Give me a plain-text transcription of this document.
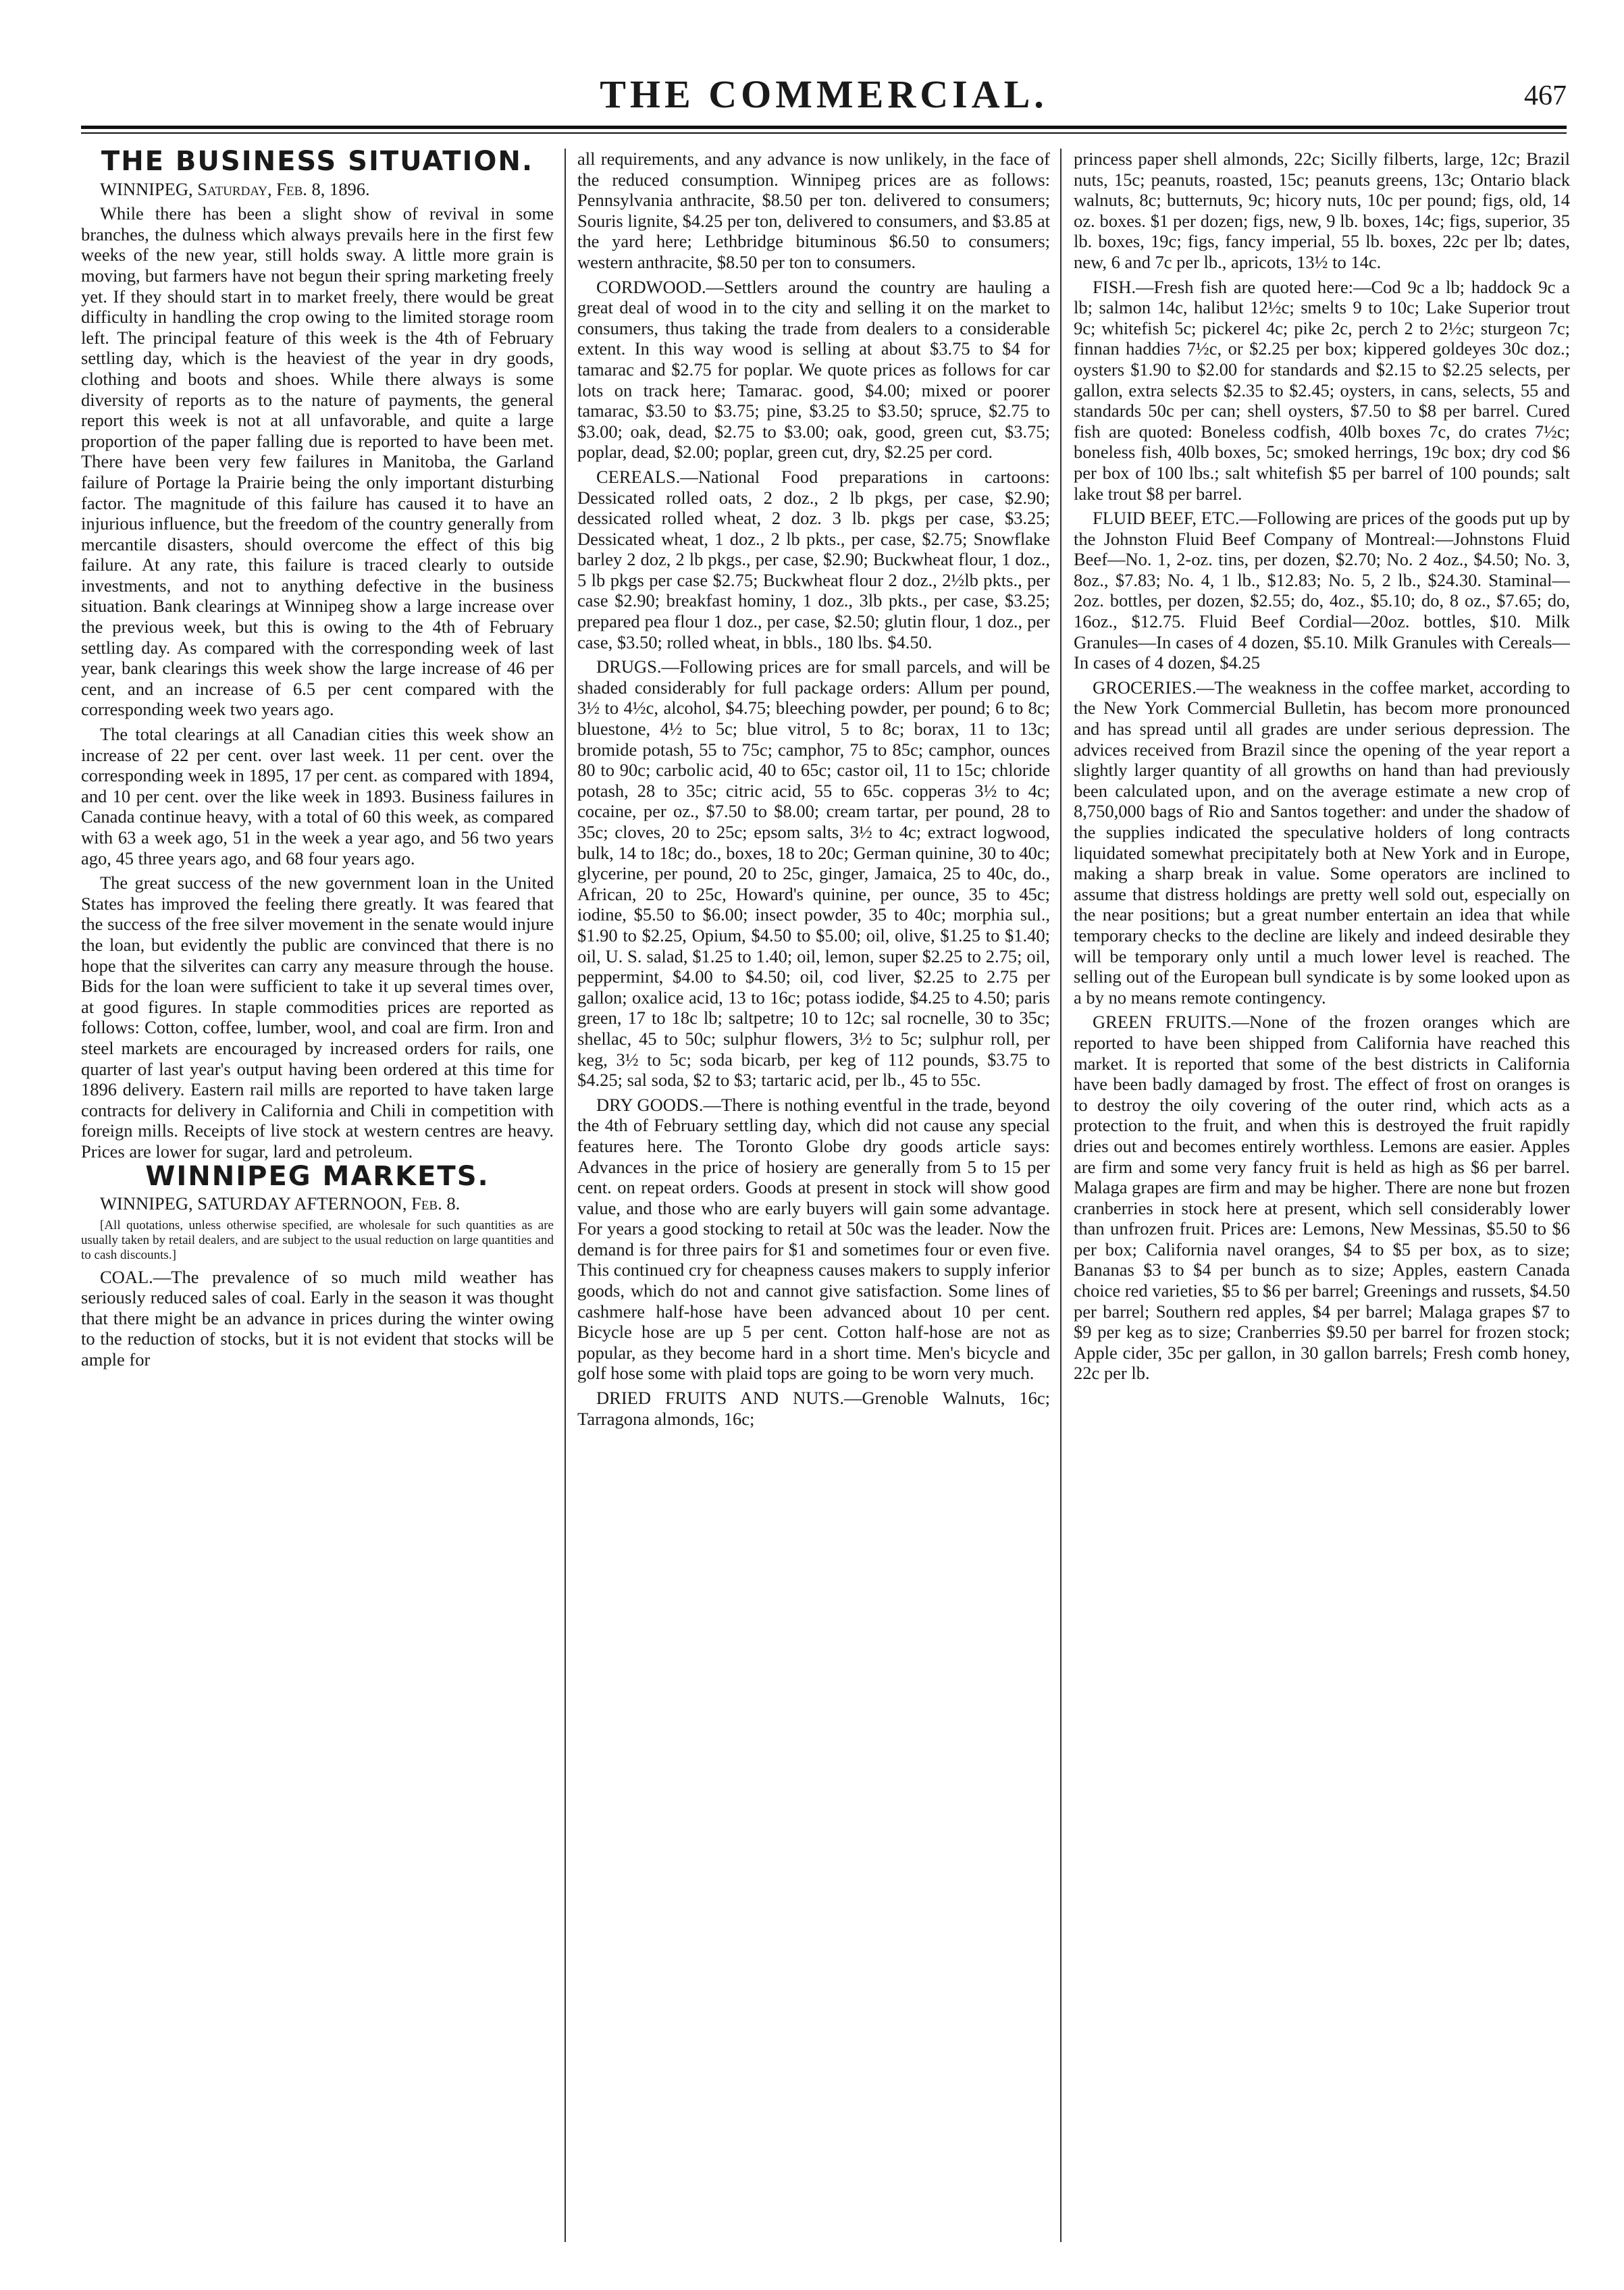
THE COMMERCIAL.	467
THE BUSINESS SITUATION.

WINNIPEG, Saturday, Feb. 8, 1896.

While there has been a slight show of revival in some branches, the dulness which always prevails here in the first few weeks of the new year, still holds sway. A little more grain is moving, but farmers have not begun their spring marketing freely yet. If they should start in to market freely, there would be great difficulty in handling the crop owing to the limited storage room left. The principal feature of this week is the 4th of February settling day, which is the heaviest of the year in dry goods, clothing and boots and shoes. While there always is some diversity of reports as to the nature of payments, the general report this week is not at all unfavorable, and quite a large proportion of the paper falling due is reported to have been met. There have been very few failures in Manitoba, the Garland failure of Portage la Prairie being the only important disturbing factor. The magnitude of this failure has caused it to have an injurious influence, but the freedom of the country generally from mercantile disasters, should overcome the effect of this big failure. At any rate, this failure is traced clearly to outside investments, and not to anything defective in the business situation. Bank clearings at Winnipeg show a large increase over the previous week, but this is owing to the 4th of February settling day. As compared with the corresponding week of last year, bank clearings this week show the large increase of 46 per cent, and an increase of 6.5 per cent compared with the corresponding week two years ago.

The total clearings at all Canadian cities this week show an increase of 22 per cent. over last week. 11 per cent. over the corresponding week in 1895, 17 per cent. as compared with 1894, and 10 per cent. over the like week in 1893. Business failures in Canada continue heavy, with a total of 60 this week, as compared with 63 a week ago, 51 in the week a year ago, and 56 two years ago, 45 three years ago, and 68 four years ago.

The great success of the new government loan in the United States has improved the feeling there greatly. It was feared that the success of the free silver movement in the senate would injure the loan, but evidently the public are convinced that there is no hope that the silverites can carry any measure through the house. Bids for the loan were sufficient to take it up several times over, at good figures. In staple commodities prices are reported as follows: Cotton, coffee, lumber, wool, and coal are firm. Iron and steel markets are encouraged by increased orders for rails, one quarter of last year's output having been ordered at this time for 1896 delivery. Eastern rail mills are reported to have taken large contracts for delivery in California and Chili in competition with foreign mills. Receipts of live stock at western centres are heavy. Prices are lower for sugar, lard and petroleum.

WINNIPEG MARKETS.

WINNIPEG, SATURDAY AFTERNOON, Feb. 8.

[All quotations, unless otherwise specified, are wholesale for such quantities as are usually taken by retail dealers, and are subject to the usual reduction on large quantities and to cash discounts.]

COAL.—The prevalence of so much mild weather has seriously reduced sales of coal. Early in the season it was thought that there might be an advance in prices during the winter owing to the reduction of stocks, but it is not evident that stocks will be ample for

all requirements, and any advance is now unlikely, in the face of the reduced consumption. Winnipeg prices are as follows: Pennsylvania anthracite, $8.50 per ton. delivered to consumers; Souris lignite, $4.25 per ton, delivered to consumers, and $3.85 at the yard here; Lethbridge bituminous $6.50 to consumers; western anthracite, $8.50 per ton to consumers.

CORDWOOD.—Settlers around the country are hauling a great deal of wood in to the city and selling it on the market to consumers, thus taking the trade from dealers to a considerable extent. In this way wood is selling at about $3.75 to $4 for tamarac and $2.75 for poplar. We quote prices as follows for car lots on track here; Tamarac. good, $4.00; mixed or poorer tamarac, $3.50 to $3.75; pine, $3.25 to $3.50; spruce, $2.75 to $3.00; oak, dead, $2.75 to $3.00; oak, good, green cut, $3.75; poplar, dead, $2.00; poplar, green cut, dry, $2.25 per cord.

CEREALS.—National Food preparations in cartoons: Dessicated rolled oats, 2 doz., 2 lb pkgs, per case, $2.90; dessicated rolled wheat, 2 doz. 3 lb. pkgs per case, $3.25; Dessicated wheat, 1 doz., 2 lb pkts., per case, $2.75; Snowflake barley 2 doz, 2 lb pkgs., per case, $2.90; Buckwheat flour, 1 doz., 5 lb pkgs per case $2.75; Buckwheat flour 2 doz., 2½lb pkts., per case $2.90; breakfast hominy, 1 doz., 3lb pkts., per case, $3.25; prepared pea flour 1 doz., per case, $2.50; glutin flour, 1 doz., per case, $3.50; rolled wheat, in bbls., 180 lbs. $4.50.

DRUGS.—Following prices are for small parcels, and will be shaded considerably for full package orders: Allum per pound, 3½ to 4½c, alcohol, $4.75; bleeching powder, per pound; 6 to 8c; bluestone, 4½ to 5c; blue vitrol, 5 to 8c; borax, 11 to 13c; bromide potash, 55 to 75c; camphor, 75 to 85c; camphor, ounces 80 to 90c; carbolic acid, 40 to 65c; castor oil, 11 to 15c; chloride potash, 28 to 35c; citric acid, 55 to 65c. copperas 3½ to 4c; cocaine, per oz., $7.50 to $8.00; cream tartar, per pound, 28 to 35c; cloves, 20 to 25c; epsom salts, 3½ to 4c; extract logwood, bulk, 14 to 18c; do., boxes, 18 to 20c; German quinine, 30 to 40c; glycerine, per pound, 20 to 25c, ginger, Jamaica, 25 to 40c, do., African, 20 to 25c, Howard's quinine, per ounce, 35 to 45c; iodine, $5.50 to $6.00; insect powder, 35 to 40c; morphia sul., $1.90 to $2.25, Opium, $4.50 to $5.00; oil, olive, $1.25 to $1.40; oil, U. S. salad, $1.25 to 1.40; oil, lemon, super $2.25 to 2.75; oil, peppermint, $4.00 to $4.50; oil, cod liver, $2.25 to 2.75 per gallon; oxalice acid, 13 to 16c; potass iodide, $4.25 to 4.50; paris green, 17 to 18c lb; saltpetre; 10 to 12c; sal rocnelle, 30 to 35c; shellac, 45 to 50c; sulphur flowers, 3½ to 5c; sulphur roll, per keg, 3½ to 5c; soda bicarb, per keg of 112 pounds, $3.75 to $4.25; sal soda, $2 to $3; tartaric acid, per lb., 45 to 55c.

DRY GOODS.—There is nothing eventful in the trade, beyond the 4th of February settling day, which did not cause any special features here. The Toronto Globe dry goods article says: Advances in the price of hosiery are generally from 5 to 15 per cent. on repeat orders. Goods at present in stock will show good value, and those who are early buyers will gain some advantage. For years a good stocking to retail at 50c was the leader. Now the demand is for three pairs for $1 and sometimes four or even five. This continued cry for cheapness causes makers to supply inferior goods, which do not and cannot give satisfaction. Some lines of cashmere half-hose have been advanced about 10 per cent. Bicycle hose are up 5 per cent. Cotton half-hose are not as popular, as they become hard in a short time. Men's bicycle and golf hose some with plaid tops are going to be worn very much.

DRIED FRUITS AND NUTS.—Grenoble Walnuts, 16c; Tarragona almonds, 16c;

princess paper shell almonds, 22c; Sicilly filberts, large, 12c; Brazil nuts, 15c; peanuts, roasted, 15c; peanuts greens, 13c; Ontario black walnuts, 8c; butternuts, 9c; hicory nuts, 10c per pound; figs, old, 14 oz. boxes. $1 per dozen; figs, new, 9 lb. boxes, 14c; figs, superior, 35 lb. boxes, 19c; figs, fancy imperial, 55 lb. boxes, 22c per lb; dates, new, 6 and 7c per lb., apricots, 13½ to 14c.

FISH.—Fresh fish are quoted here:—Cod 9c a lb; haddock 9c a lb; salmon 14c, halibut 12½c; smelts 9 to 10c; Lake Superior trout 9c; whitefish 5c; pickerel 4c; pike 2c, perch 2 to 2½c; sturgeon 7c; finnan haddies 7½c, or $2.25 per box; kippered goldeyes 30c doz.; oysters $1.90 to $2.00 for standards and $2.15 to $2.25 selects, per gallon, extra selects $2.35 to $2.45; oysters, in cans, selects, 55 and standards 50c per can; shell oysters, $7.50 to $8 per barrel. Cured fish are quoted: Boneless codfish, 40lb boxes 7c, do crates 7½c; boneless fish, 40lb boxes, 5c; smoked herrings, 19c box; dry cod $6 per box of 100 lbs.; salt whitefish $5 per barrel of 100 pounds; salt lake trout $8 per barrel.

FLUID BEEF, ETC.—Following are prices of the goods put up by the Johnston Fluid Beef Company of Montreal:—Johnstons Fluid Beef—No. 1, 2-oz. tins, per dozen, $2.70; No. 2 4oz., $4.50; No. 3, 8oz., $7.83; No. 4, 1 lb., $12.83; No. 5, 2 lb., $24.30. Staminal—2oz. bottles, per dozen, $2.55; do, 4oz., $5.10; do, 8 oz., $7.65; do, 16oz., $12.75. Fluid Beef Cordial—20oz. bottles, $10. Milk Granules—In cases of 4 dozen, $5.10. Milk Granules with Cereals—In cases of 4 dozen, $4.25

GROCERIES.—The weakness in the coffee market, according to the New York Commercial Bulletin, has becom more pronounced and has spread until all grades are under serious depression. The advices received from Brazil since the opening of the year report a slightly larger quantity of all growths on hand than had previously been calculated upon, and on the average estimate a new crop of 8,750,000 bags of Rio and Santos together: and under the shadow of the supplies indicated the speculative holders of long contracts liquidated somewhat precipitately both at New York and in Europe, making a sharp break in value. Some operators are inclined to assume that distress holdings are pretty well sold out, especially on the near positions; but a great number entertain an idea that while temporary checks to the decline are likely and indeed desirable they will be temporary only until a much lower level is reached. The selling out of the European bull syndicate is by some looked upon as a by no means remote contingency.

GREEN FRUITS.—None of the frozen oranges which are reported to have been shipped from California have reached this market. It is reported that some of the best districts in California have been badly damaged by frost. The effect of frost on oranges is to destroy the oily covering of the outer rind, which acts as a protection to the fruit, and when this is destroyed the fruit rapidly dries out and becomes entirely worthless. Lemons are easier. Apples are firm and some very fancy fruit is held as high as $6 per barrel. Malaga grapes are firm and may be higher. There are none but frozen cranberries in stock here at present, which sell considerably lower than unfrozen fruit. Prices are: Lemons, New Messinas, $5.50 to $6 per box; California navel oranges, $4 to $5 per box, as to size; Bananas $3 to $4 per bunch as to size; Apples, eastern Canada choice red varieties, $5 to $6 per barrel; Greenings and russets, $4.50 per barrel; Southern red apples, $4 per barrel; Malaga grapes $7 to $9 per keg as to size; Cranberries $9.50 per barrel for frozen stock; Apple cider, 35c per gallon, in 30 gallon barrels; Fresh comb honey, 22c per lb.
